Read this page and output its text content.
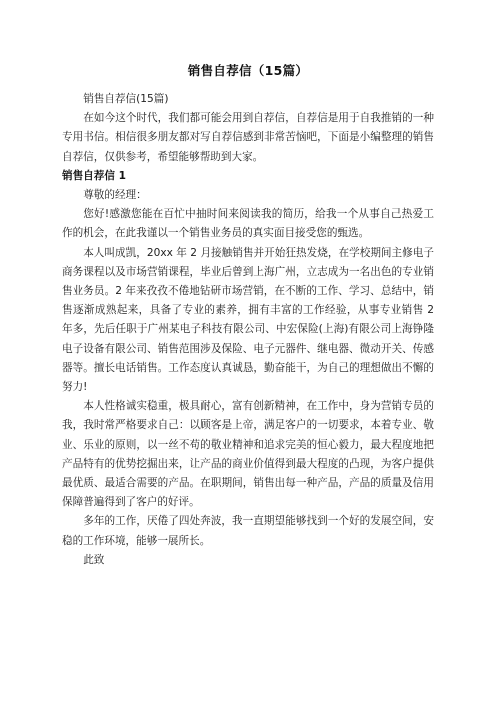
销售自荐信（15篇）

销售自荐信(15篇)

在如今这个时代，我们都可能会用到自荐信，自荐信是用于自我推销的一种专用书信。相信很多朋友都对写自荐信感到非常苦恼吧，下面是小编整理的销售自荐信，仅供参考，希望能够帮助到大家。

销售自荐信 1

尊敬的经理：

您好!感激您能在百忙中抽时间来阅读我的简历，给我一个从事自己热爱工作的机会，在此我谨以一个销售业务员的真实面目接受您的甄选。

本人叫成凯，20xx 年 2 月接触销售并开始狂热发烧，在学校期间主修电子商务课程以及市场营销课程，毕业后曾到上海广州，立志成为一名出色的专业销售业务员。2 年来孜孜不倦地钻研市场营销，在不断的工作、学习、总结中，销售逐渐成熟起来，具备了专业的素养，拥有丰富的工作经验，从事专业销售 2 年多，先后任职于广州某电子科技有限公司、中宏保险(上海)有限公司上海铮隆电子设备有限公司、销售范围涉及保险、电子元器件、继电器、微动开关、传感器等。擅长电话销售。工作态度认真诚恳，勤奋能干，为自己的理想做出不懈的努力!

本人性格诚实稳重，极具耐心，富有创新精神，在工作中，身为营销专员的我，我时常严格要求自己：以顾客是上帝，满足客户的一切要求，本着专业、敬业、乐业的原则，以一丝不苟的敬业精神和追求完美的恒心毅力，最大程度地把产品特有的优势挖掘出来，让产品的商业价值得到最大程度的凸现，为客户提供最优质、最适合需要的产品。在职期间，销售出每一种产品，产品的质量及信用保障普遍得到了客户的好评。

多年的工作，厌倦了四处奔波，我一直期望能够找到一个好的发展空间，安稳的工作环境，能够一展所长。

此致
